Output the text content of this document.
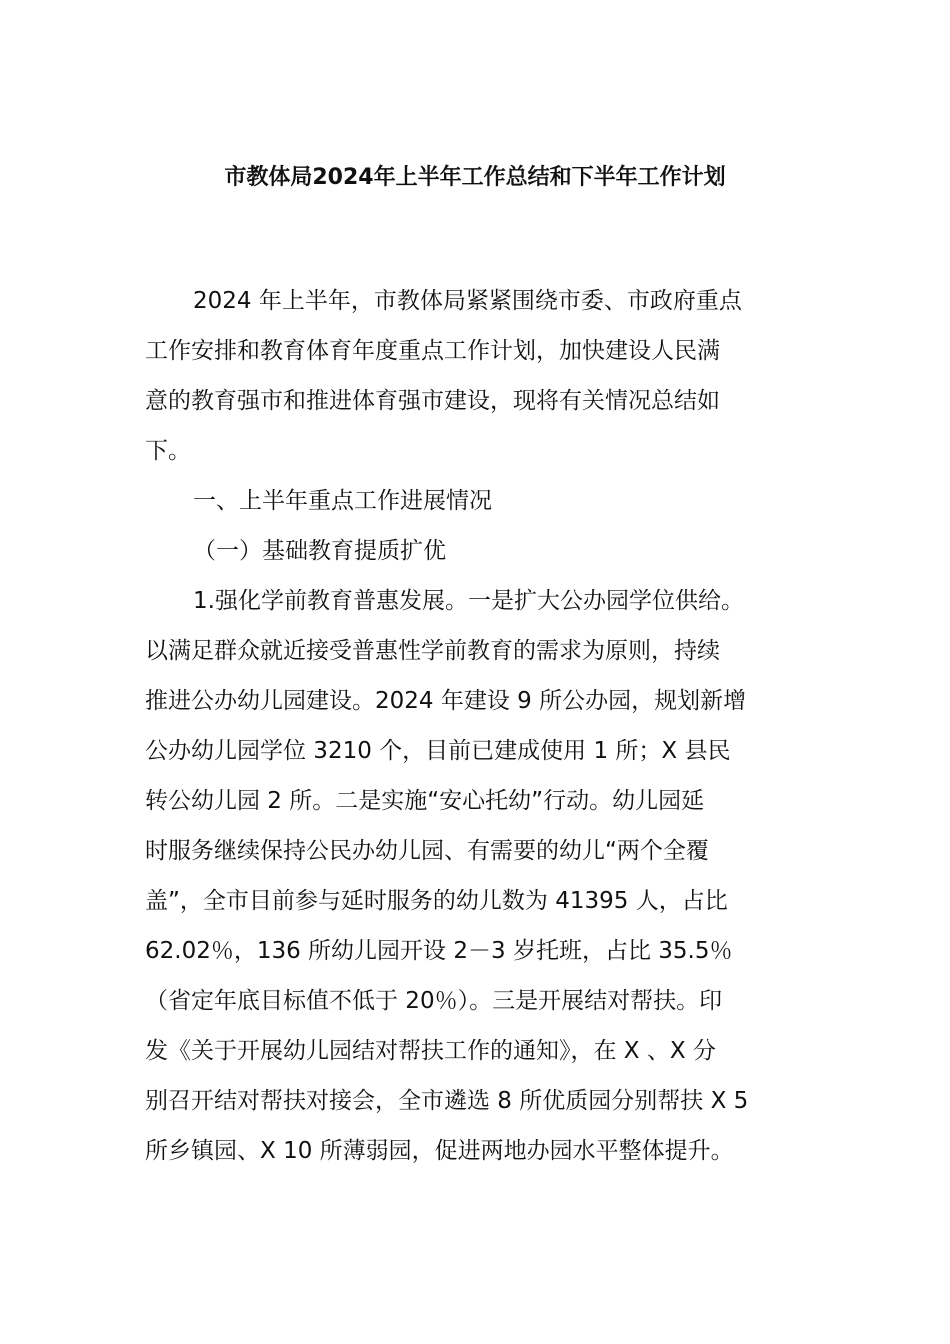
市教体局2024年上半年工作总结和下半年工作计划
2024 年上半年，市教体局紧紧围绕市委、市政府重点
工作安排和教育体育年度重点工作计划，加快建设人民满
意的教育强市和推进体育强市建设，现将有关情况总结如
下。
一、上半年重点工作进展情况
（一）基础教育提质扩优
1.强化学前教育普惠发展。一是扩大公办园学位供给。
以满足群众就近接受普惠性学前教育的需求为原则，持续
推进公办幼儿园建设。2024 年建设 9 所公办园，规划新增
公办幼儿园学位 3210 个，目前已建成使用 1 所；X 县民
转公幼儿园 2 所。二是实施“安心托幼”行动。幼儿园延
时服务继续保持公民办幼儿园、有需要的幼儿“两个全覆
盖”，全市目前参与延时服务的幼儿数为 41395 人，占比
62.02％，136 所幼儿园开设 2－3 岁托班，占比 35.5％
（省定年底目标值不低于 20％）。三是开展结对帮扶。印
发《关于开展幼儿园结对帮扶工作的通知》，在 X 、X 分
别召开结对帮扶对接会，全市遴选 8 所优质园分别帮扶 X 5
所乡镇园、X 10 所薄弱园，促进两地办园水平整体提升。
